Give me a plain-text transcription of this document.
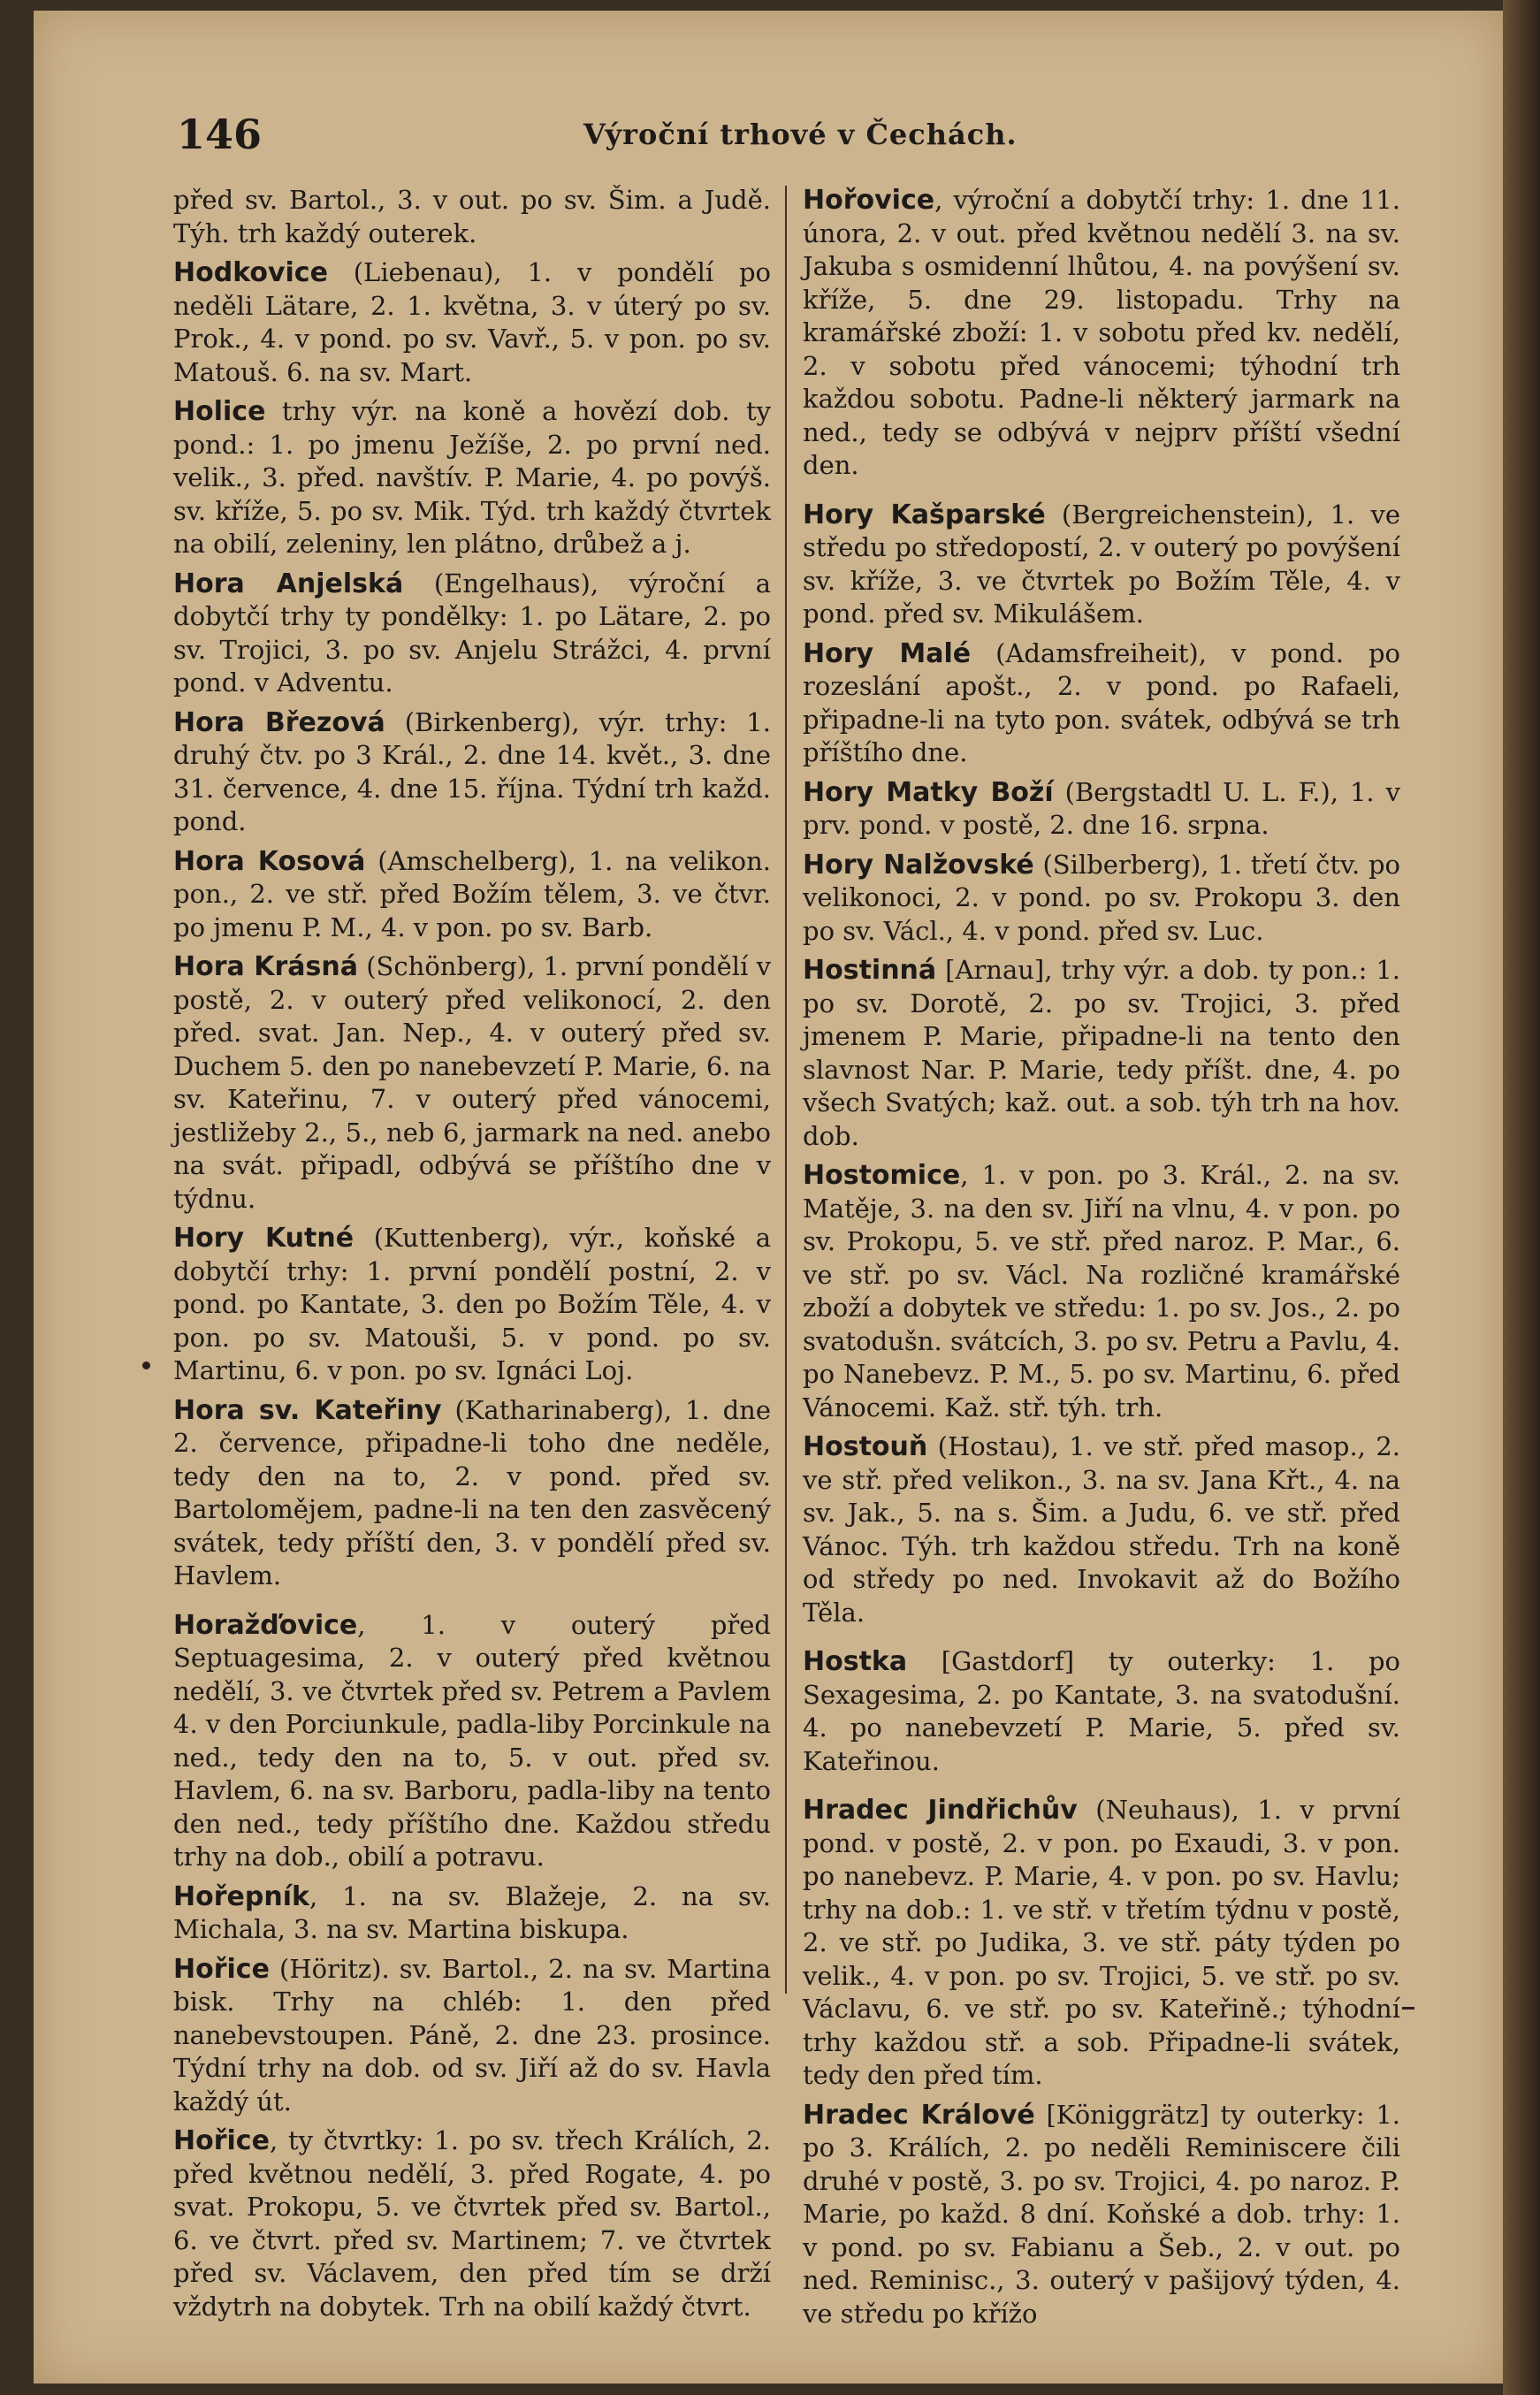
146	Výroční trhové v Čechách.

před sv. Bartol., 3. v out. po sv. Šim. a Judě. Týh. trh každý outerek.

Hodkovice (Liebenau), 1. v pondělí po neděli Lätare, 2. 1. května, 3. v úterý po sv. Prok., 4. v pond. po sv. Vavř., 5. v pon. po sv. Matouš. 6. na sv. Mart.

Holice trhy výr. na koně a hovězí dob. ty pond.: 1. po jmenu Ježíše, 2. po první ned. velik., 3. před. navštív. P. Marie, 4. po povýš. sv. kříže, 5. po sv. Mik. Týd. trh každý čtvrtek na obilí, zeleniny, len plátno, drůbež a j.

Hora Anjelská (Engelhaus), výroční a dobytčí trhy ty pondělky: 1. po Lätare, 2. po sv. Trojici, 3. po sv. Anjelu Strážci, 4. první pond. v Adventu.

Hora Březová (Birkenberg), výr. trhy: 1. druhý čtv. po 3 Král., 2. dne 14. květ., 3. dne 31. července, 4. dne 15. října. Týdní trh každ. pond.

Hora Kosová (Amschelberg), 1. na velikon. pon., 2. ve stř. před Božím tělem, 3. ve čtvr. po jmenu P. M., 4. v pon. po sv. Barb.

Hora Krásná (Schönberg), 1. první pondělí v postě, 2. v outerý před velikonocí, 2. den před. svat. Jan. Nep., 4. v outerý před sv. Duchem 5. den po nanebevzetí P. Marie, 6. na sv. Kateřinu, 7. v outerý před vánocemi, jestližeby 2., 5., neb 6, jarmark na ned. anebo na svát. připadl, odbývá se příštího dne v týdnu.

Hory Kutné (Kuttenberg), výr., koňské a dobytčí trhy: 1. první pondělí postní, 2. v pond. po Kantate, 3. den po Božím Těle, 4. v pon. po sv. Matouši, 5. v pond. po sv. Martinu, 6. v pon. po sv. Ignáci Loj.

Hora sv. Kateřiny (Katharinaberg), 1. dne 2. července, připadne-li toho dne neděle, tedy den na to, 2. v pond. před sv. Bartolomějem, padne-li na ten den zasvěcený svátek, tedy příští den, 3. v pondělí před sv. Havlem.

Horažďovice, 1. v outerý před Septuagesima, 2. v outerý před květnou nedělí, 3. ve čtvrtek před sv. Petrem a Pavlem 4. v den Porciunkule, padla-liby Porcinkule na ned., tedy den na to, 5. v out. před sv. Havlem, 6. na sv. Barboru, padla-liby na tento den ned., tedy příštího dne. Každou středu trhy na dob., obilí a potravu.

Hořepník, 1. na sv. Blažeje, 2. na sv. Michala, 3. na sv. Martina biskupa.

Hořice (Höritz). sv. Bartol., 2. na sv. Martina bisk. Trhy na chléb: 1. den před nanebevstoupen. Páně, 2. dne 23. prosince. Týdní trhy na dob. od sv. Jiří až do sv. Havla každý út.

Hořice, ty čtvrtky: 1. po sv. třech Králích, 2. před květnou nedělí, 3. před Rogate, 4. po svat. Prokopu, 5. ve čtvrtek před sv. Bartol., 6. ve čtvrt. před sv. Martinem; 7. ve čtvrtek před sv. Václavem, den před tím se drží vždytrh na dobytek. Trh na obilí každý čtvrt.

Hořovice, výroční a dobytčí trhy: 1. dne 11. února, 2. v out. před květnou nedělí 3. na sv. Jakuba s osmidenní lhůtou, 4. na povýšení sv. kříže, 5. dne 29. listopadu. Trhy na kramářské zboží: 1. v sobotu před kv. nedělí, 2. v sobotu před vánocemi; týhodní trh každou sobotu. Padne-li některý jarmark na ned., tedy se odbývá v nejprv příští všední den.

Hory Kašparské (Bergreichenstein), 1. ve středu po středopostí, 2. v outerý po povýšení sv. kříže, 3. ve čtvrtek po Božím Těle, 4. v pond. před sv. Mikulášem.

Hory Malé (Adamsfreiheit), v pond. po rozeslání apošt., 2. v pond. po Rafaeli, připadne-li na tyto pon. svátek, odbývá se trh příštího dne.

Hory Matky Boží (Bergstadtl U. L. F.), 1. v prv. pond. v postě, 2. dne 16. srpna.

Hory Nalžovské (Silberberg), 1. třetí čtv. po velikonoci, 2. v pond. po sv. Prokopu 3. den po sv. Václ., 4. v pond. před sv. Luc.

Hostinná [Arnau], trhy výr. a dob. ty pon.: 1. po sv. Dorotě, 2. po sv. Trojici, 3. před jmenem P. Marie, připadne-li na tento den slavnost Nar. P. Marie, tedy příšt. dne, 4. po všech Svatých; kaž. out. a sob. týh trh na hov. dob.

Hostomice, 1. v pon. po 3. Král., 2. na sv. Matěje, 3. na den sv. Jiří na vlnu, 4. v pon. po sv. Prokopu, 5. ve stř. před naroz. P. Mar., 6. ve stř. po sv. Václ. Na rozličné kramářské zboží a dobytek ve středu: 1. po sv. Jos., 2. po svatodušn. svátcích, 3. po sv. Petru a Pavlu, 4. po Nanebevz. P. M., 5. po sv. Martinu, 6. před Vánocemi. Kaž. stř. týh. trh.

Hostouň (Hostau), 1. ve stř. před masop., 2. ve stř. před velikon., 3. na sv. Jana Křt., 4. na sv. Jak., 5. na s. Šim. a Judu, 6. ve stř. před Vánoc. Týh. trh každou středu. Trh na koně od středy po ned. Invokavit až do Božího Těla.

Hostka [Gastdorf] ty outerky: 1. po Sexagesima, 2. po Kantate, 3. na svatodušní. 4. po nanebevzetí P. Marie, 5. před sv. Kateřinou.

Hradec Jindřichův (Neuhaus), 1. v první pond. v postě, 2. v pon. po Exaudi, 3. v pon. po nanebevz. P. Marie, 4. v pon. po sv. Havlu; trhy na dob.: 1. ve stř. v třetím týdnu v postě, 2. ve stř. po Judika, 3. ve stř. páty týden po velik., 4. v pon. po sv. Trojici, 5. ve stř. po sv. Václavu, 6. ve stř. po sv. Kateřině.; týhodní trhy každou stř. a sob. Připadne-li svátek, tedy den před tím.

Hradec Králové [Königgrätz] ty outerky: 1. po 3. Králích, 2. po neděli Reminiscere čili druhé v postě, 3. po sv. Trojici, 4. po naroz. P. Marie, po každ. 8 dní. Koňské a dob. trhy: 1. v pond. po sv. Fabianu a Šeb., 2. v out. po ned. Reminisc., 3. outerý v pašijový týden, 4. ve středu po křížo
